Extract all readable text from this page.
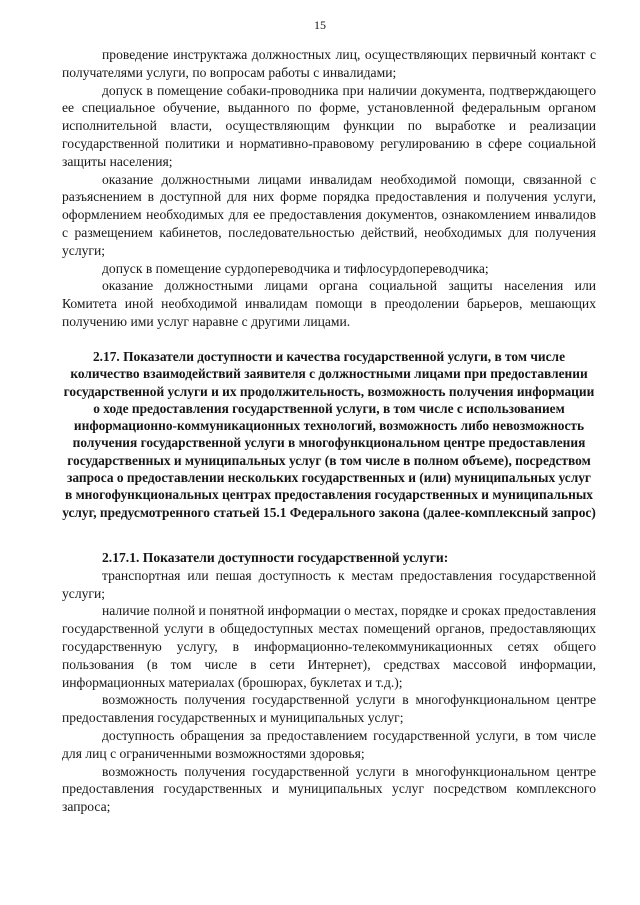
15

проведение инструктажа должностных лиц, осуществляющих первичный контакт с получателями услуги, по вопросам работы с инвалидами;

допуск в помещение собаки-проводника при наличии документа, подтверждающего ее специальное обучение, выданного по форме, установленной федеральным органом исполнительной власти, осуществляющим функции по выработке и реализации государственной политики и нормативно-правовому регулированию в сфере социальной защиты населения;

оказание должностными лицами инвалидам необходимой помощи, связанной с разъяснением в доступной для них форме порядка предоставления и получения услуги, оформлением необходимых для ее предоставления документов, ознакомлением инвалидов с размещением кабинетов, последовательностью действий, необходимых для получения услуги;

допуск в помещение сурдопереводчика и тифлосурдопереводчика;

оказание должностными лицами органа социальной защиты населения или Комитета иной необходимой инвалидам помощи в преодолении барьеров, мешающих получению ими услуг наравне с другими лицами.

2.17. Показатели доступности и качества государственной услуги, в том числе количество взаимодействий заявителя с должностными лицами при предоставлении государственной услуги и их продолжительность, возможность получения информации о ходе предоставления государственной услуги, в том числе с использованием информационно-коммуникационных технологий, возможность либо невозможность получения государственной услуги в многофункциональном центре предоставления государственных и муниципальных услуг (в том числе в полном объеме), посредством запроса о предоставлении нескольких государственных и (или) муниципальных услуг в многофункциональных центрах предоставления государственных и муниципальных услуг, предусмотренного статьей 15.1 Федерального закона (далее-комплексный запрос)

2.17.1. Показатели доступности государственной услуги:

транспортная или пешая доступность к местам предоставления государственной услуги;

наличие полной и понятной информации о местах, порядке и сроках предоставления государственной услуги в общедоступных местах помещений органов, предоставляющих государственную услугу, в информационно-телекоммуникационных сетях общего пользования (в том числе в сети Интернет), средствах массовой информации, информационных материалах (брошюрах, буклетах и т.д.);

возможность получения государственной услуги в многофункциональном центре предоставления государственных и муниципальных услуг;

доступность обращения за предоставлением государственной услуги, в том числе для лиц с ограниченными возможностями здоровья;

возможность получения государственной услуги в многофункциональном центре предоставления государственных и муниципальных услуг посредством комплексного запроса;
